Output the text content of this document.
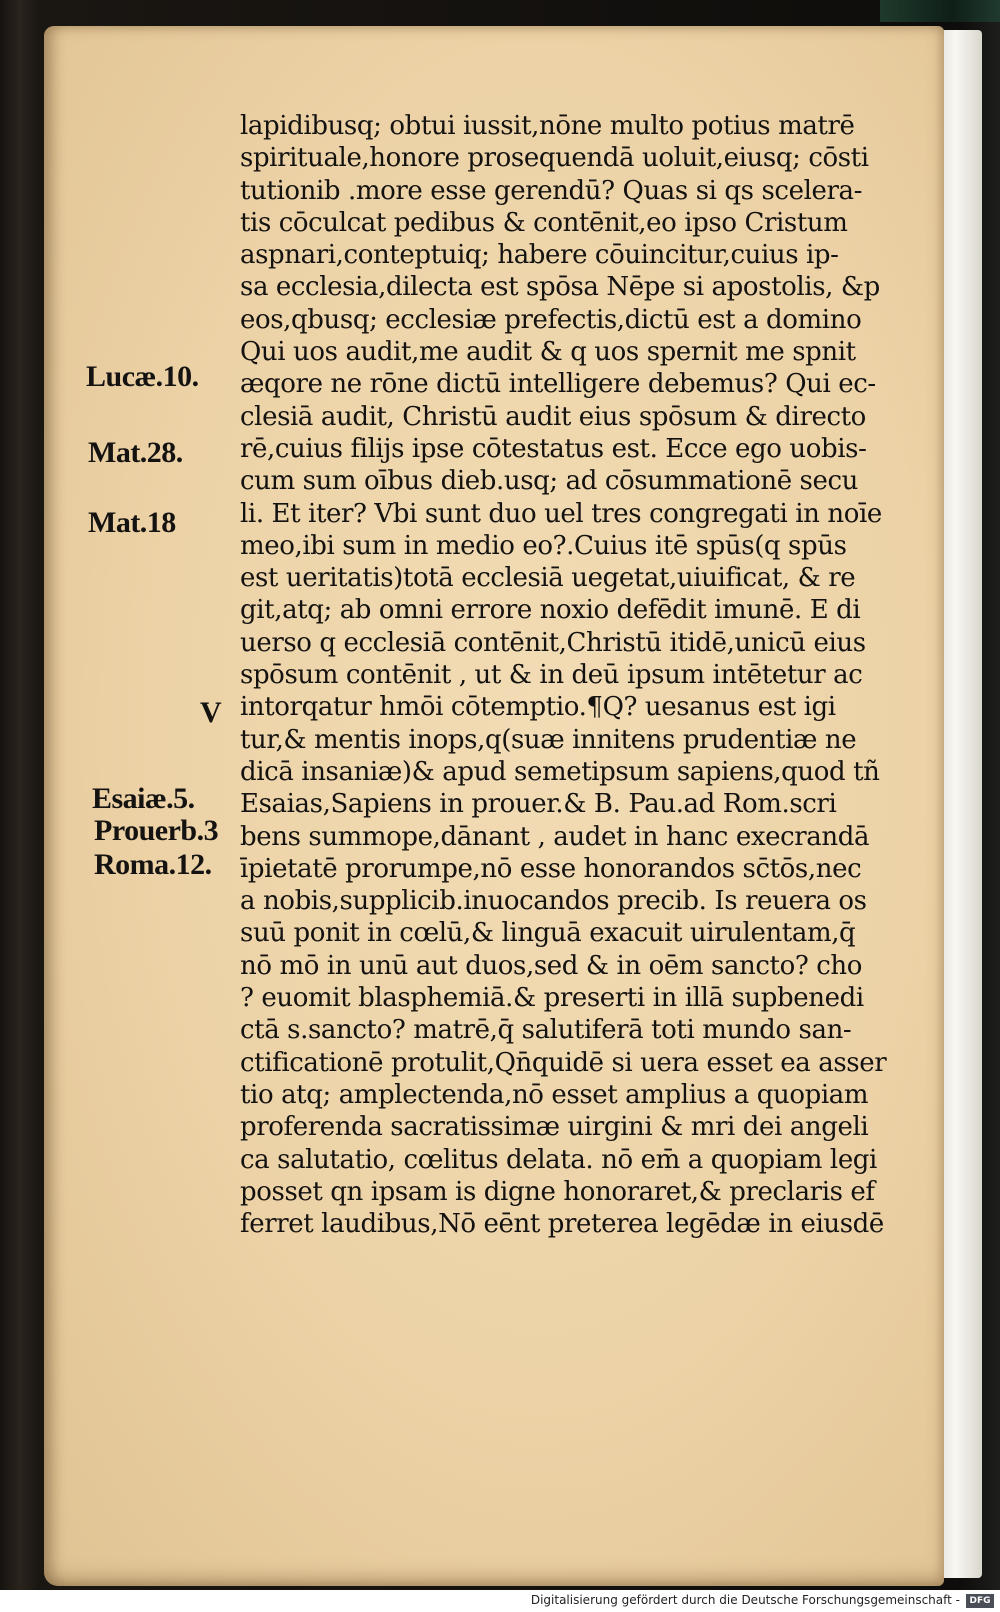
lapidibusq; obtui iussit,nōne multo potius matrē
spirituale,honore prosequendā uoluit,eiusq; cōsti
tutionib .more esse gerendū? Quas si qs scelera-
tis cōculcat pedibus & contēnit,eo ipso Cristum
aspnari,conteptuiq; habere cōuincitur,cuius ip-
sa ecclesia,dilecta est spōsa Nēpe si apostolis, &p
eos,qbusq; ecclesiæ prefectis,dictū est a domino
Qui uos audit,me audit & q uos spernit me spnit
æqore ne rōne dictū intelligere debemus? Qui ec-
clesiā audit, Christū audit eius spōsum & directo
rē,cuius filijs ipse cōtestatus est. Ecce ego uobis-
cum sum oībus dieb.usq; ad cōsummationē secu
li. Et iter? Vbi sunt duo uel tres congregati in noīe
meo,ibi sum in medio eo?.Cuius itē spūs(q spūs
est ueritatis)totā ecclesiā uegetat,uiuificat, & re
git,atq; ab omni errore noxio defēdit imunē. E di
uerso q ecclesiā contēnit,Christū itidē,unicū eius
spōsum contēnit , ut & in deū ipsum intētetur ac
intorqatur hmōi cōtemptio.¶Q? uesanus est igi
tur,& mentis inops,q(suæ innitens prudentiæ ne
dicā insaniæ)& apud semetipsum sapiens,quod tñ
Esaias,Sapiens in prouer.& B. Pau.ad Rom.scri
bens summope,dānant , audet in hanc execrandā
īpietatē prorumpe,nō esse honorandos sc̄tōs,nec
a nobis,supplicib.inuocandos precib. Is reuera os
suū ponit in cœlū,& linguā exacuit uirulentam,q̄
nō mō in unū aut duos,sed & in oēm sancto? cho
? euomit blasphemiā.& preserti in illā supbenedi
ctā s.sancto? matrē,q̄ salutiferā toti mundo san-
ctificationē protulit,Qn̄quidē si uera esset ea asser
tio atq; amplectenda,nō esset amplius a quopiam
proferenda sacratissimæ uirgini & mri dei angeli
ca salutatio, cœlitus delata. nō em̄ a quopiam legi
posset qn ipsam is digne honoraret,& preclaris ef
ferret laudibus,Nō eēnt preterea legēdæ in eiusdē
Lucæ.10.
Mat.28.
Mat.18
V
Esaiæ.5.
Prouerb.3
Roma.12.
Digitalisierung gefördert durch die Deutsche Forschungsgemeinschaft -	DFG
